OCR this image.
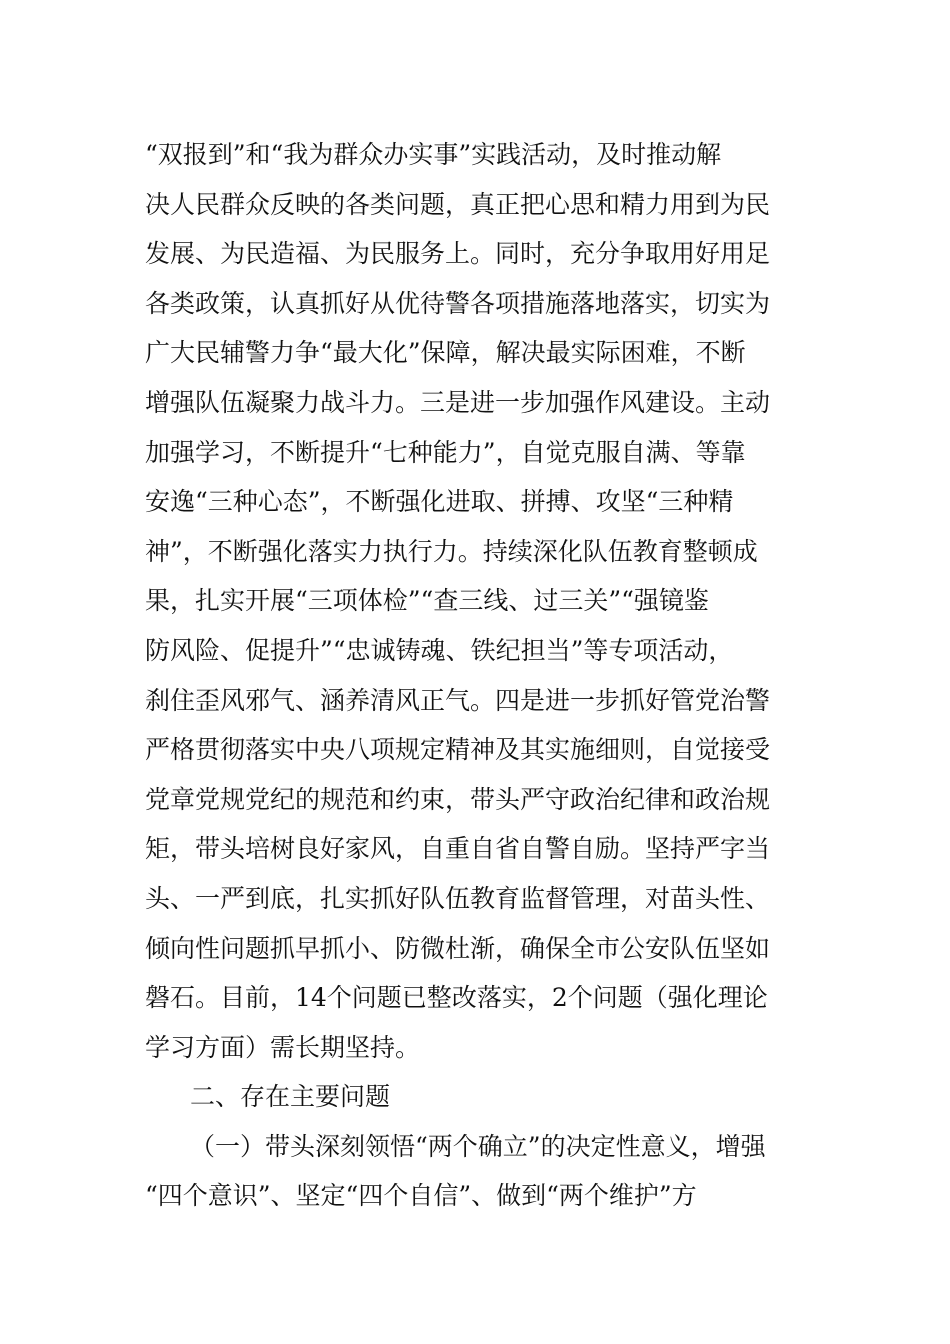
“双报到”和“我为群众办实事”实践活动，及时推动解
决人民群众反映的各类问题，真正把心思和精力用到为民
发展、为民造福、为民服务上。同时，充分争取用好用足
各类政策，认真抓好从优待警各项措施落地落实，切实为
广大民辅警力争“最大化”保障，解决最实际困难，不断
增强队伍凝聚力战斗力。三是进一步加强作风建设。主动
加强学习，不断提升“七种能力”，自觉克服自满、等靠
安逸“三种心态”，不断强化进取、拼搏、攻坚“三种精
神”，不断强化落实力执行力。持续深化队伍教育整顿成
果，扎实开展“三项体检”“查三线、过三关”“强镜鉴
防风险、促提升”“忠诚铸魂、铁纪担当”等专项活动，
刹住歪风邪气、涵养清风正气。四是进一步抓好管党治警
严格贯彻落实中央八项规定精神及其实施细则，自觉接受
党章党规党纪的规范和约束，带头严守政治纪律和政治规
矩，带头培树良好家风，自重自省自警自励。坚持严字当
头、一严到底，扎实抓好队伍教育监督管理，对苗头性、
倾向性问题抓早抓小、防微杜渐，确保全市公安队伍坚如
磐石。目前，14个问题已整改落实，2个问题（强化理论
学习方面）需长期坚持。
二、存在主要问题
（一）带头深刻领悟“两个确立”的决定性意义，增强
“四个意识”、坚定“四个自信”、做到“两个维护”方
